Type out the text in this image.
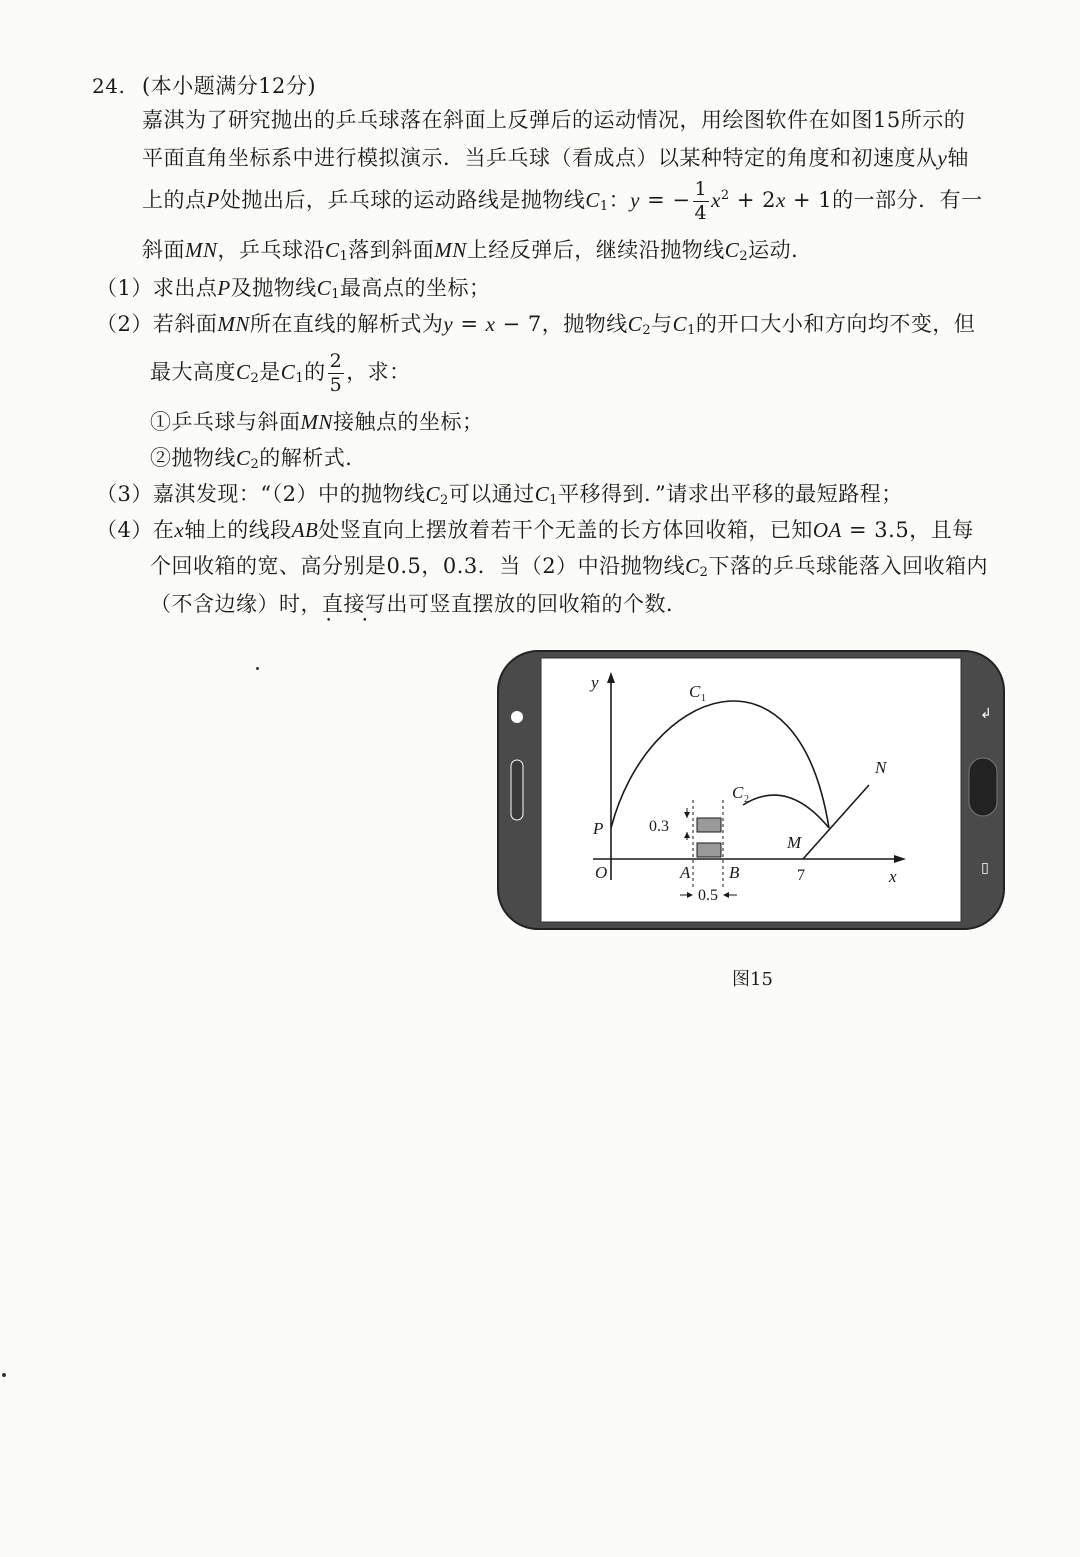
24. (本小题满分12分)
嘉淇为了研究抛出的乒乓球落在斜面上反弹后的运动情况，用绘图软件在如图15所示的
平面直角坐标系中进行模拟演示．当乒乓球（看成点）以某种特定的角度和初速度从y轴
上的点P处抛出后，乒乓球的运动路线是抛物线$C_1$：y = − $\frac{1}{4} x^2 + 2x + 1$的一部分．有一
斜面MN，乒乓球沿$C_1$落到斜面MN上经反弹后，继续沿抛物线$C_2$运动．
（1）求出点P及抛物线$C_1$最高点的坐标；
（2）若斜面MN所在直线的解析式为y = x − 7，抛物线$C_2$与$C_1$的开口大小和方向均不变，但
最大高度$C_2$是$C_1$的 $\frac{2}{5}$ ，求：
①乒乓球与斜面MN接触点的坐标；
②抛物线$C_2$的解析式．
（3）嘉淇发现：“（2）中的抛物线$C_2$可以通过$C_1$平移得到．”请求出平移的最短路程；
（4）在x轴上的线段AB处竖直向上摆放着若干个无盖的长方体回收箱，已知OA = 3.5，且每
个回收箱的宽、高分别是0.5，0.3．当（2）中沿抛物线$C_2$下落的乒乓球能落入回收箱内
（不含边缘）时，直接 • •写出可竖直摆放的回收箱的个数．
↲
▯
y
x
O
P
A B
M
N
C
C
1
2
7
0.3
0.5
图15
